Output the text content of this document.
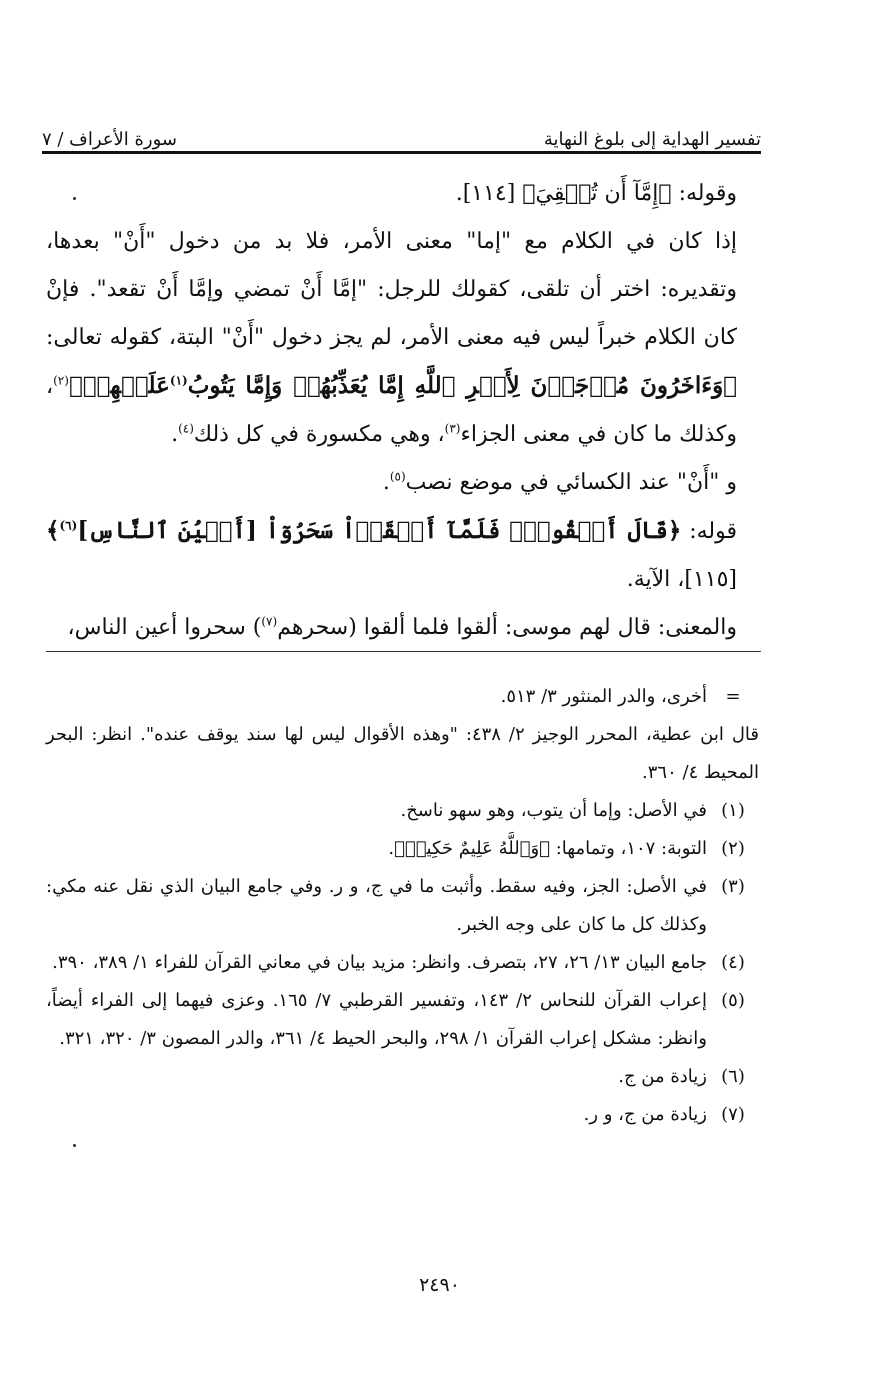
تفسير الهداية إلى بلوغ النهاية
سورة الأعراف / ٧

وقوله: ﴿إِمَّآ أَن تُلۡقِيَ﴾ [١١٤].

إذا كان في الكلام مع "إما" معنى الأمر، فلا بد من دخول "أَنْ" بعدها، وتقديره: اختر أن تلقى، كقولك للرجل: "إمَّا أَنْ تمضي وإمَّا أَنْ تقعد". فإنْ كان الكلام خبراً ليس فيه معنى الأمر، لم يجز دخول "أَنْ" البتة، كقوله تعالى: ﴿وَءَاخَرُونَ مُرۡجَوۡنَ لِأَمۡرِ ٱللَّهِ إِمَّا يُعَذِّبُهُمۡ وَإِمَّا يَتُوبُ$^{(١)}$عَلَيۡهِمۡ﴾$^{(٢)}$، وكذلك ما كان في معنى الجزاء$^{(٣)}$، وهي مكسورة في كل ذلك$^{(٤)}$.

و "أَنْ" عند الكسائي في موضع نصب$^{(٥)}$.

قوله: ﴿قَالَ أَلۡقُواْۖ فَلَمَّآ أَلۡقَوۡاْ سَحَرُوٓاْ [أَعۡيُنَ ٱلنَّاسِ]$^{(٦)}$﴾ [١١٥]، الآية.

والمعنى: قال لهم موسى: ألقوا فلما ألقوا (سحرهم$^{(٧)}$) سحروا أعين الناس،

=
أخرى، والدر المنثور ٣/ ٥١٣.
قال ابن عطية، المحرر الوجيز ٢/ ٤٣٨: "وهذه الأقوال ليس لها سند يوقف عنده". انظر: البحر المحيط ٤/ ٣٦٠.
(١)
في الأصل: وإما أن يتوب، وهو سهو ناسخ.
(٢)
التوبة: ١٠٧، وتمامها: ﴿وَٱللَّهُ عَلِيمٌ حَكِيمٞ﴾.
(٣)
في الأصل: الجز، وفيه سقط. وأثبت ما في ج، و ر. وفي جامع البيان الذي نقل عنه مكي: وكذلك كل ما كان على وجه الخبر.
(٤)
جامع البيان ١٣/ ٢٦، ٢٧، بتصرف. وانظر: مزيد بيان في معاني القرآن للفراء ١/ ٣٨٩، ٣٩٠.
(٥)
إعراب القرآن للنحاس ٢/ ١٤٣، وتفسير القرطبي ٧/ ١٦٥. وعزى فيهما إلى الفراء أيضاً، وانظر: مشكل إعراب القرآن ١/ ٢٩٨، والبحر الحيط ٤/ ٣٦١، والدر المصون ٣/ ٣٢٠، ٣٢١.
(٦)
زيادة من ج.
(٧)
زيادة من ج، و ر.
٢٤٩٠
